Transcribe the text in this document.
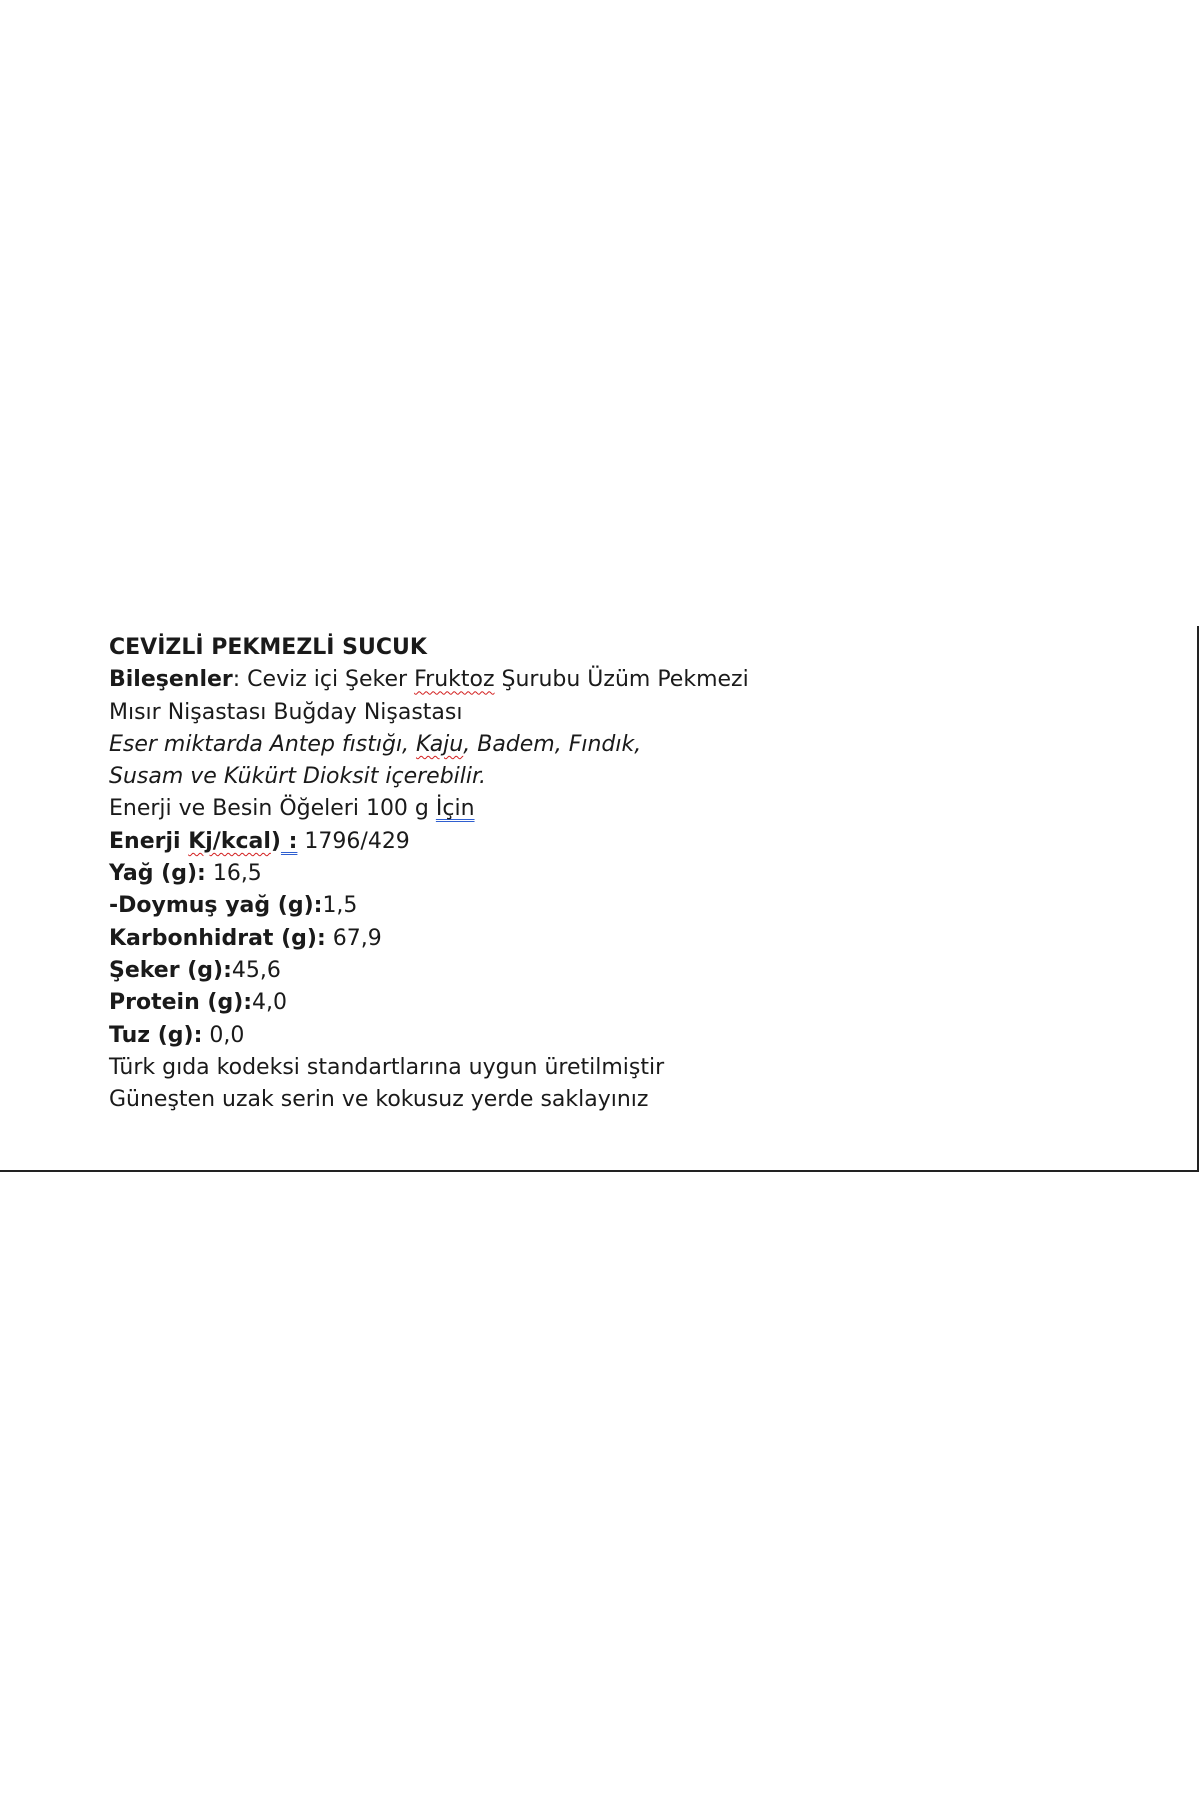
CEVİZLİ PEKMEZLİ SUCUK
Bileşenler: Ceviz içi Şeker Fruktoz Şurubu Üzüm Pekmezi
Mısır Nişastası Buğday Nişastası
Eser miktarda Antep fıstığı, Kaju, Badem, Fındık,
Susam ve Kükürt Dioksit içerebilir.
Enerji ve Besin Öğeleri 100 g İçin
Enerji Kj/kcal) : 1796/429
Yağ (g): 16,5
-Doymuş yağ (g):1,5
Karbonhidrat (g): 67,9
Şeker (g):45,6
Protein (g):4,0
Tuz (g): 0,0
Türk gıda kodeksi standartlarına uygun üretilmiştir
Güneşten uzak serin ve kokusuz yerde saklayınız
